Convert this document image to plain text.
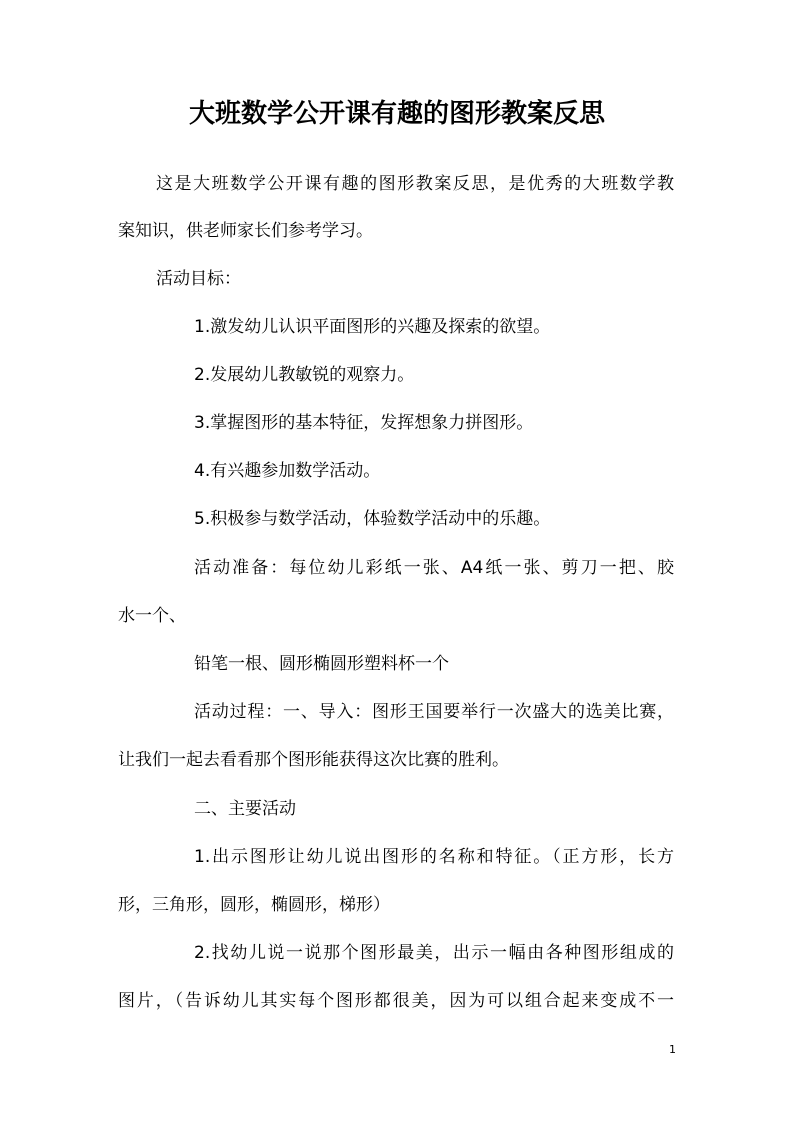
大班数学公开课有趣的图形教案反思
这是大班数学公开课有趣的图形教案反思，是优秀的大班数学教
案知识，供老师家长们参考学习。
活动目标：
1.激发幼儿认识平面图形的兴趣及探索的欲望。
2.发展幼儿教敏锐的观察力。
3.掌握图形的基本特征，发挥想象力拼图形。
4.有兴趣参加数学活动。
5.积极参与数学活动，体验数学活动中的乐趣。
活动准备：每位幼儿彩纸一张、A4纸一张、剪刀一把、胶
水一个、
铅笔一根、圆形椭圆形塑料杯一个
活动过程：一、导入：图形王国要举行一次盛大的选美比赛，
让我们一起去看看那个图形能获得这次比赛的胜利。
二、主要活动
1.出示图形让幼儿说出图形的名称和特征。（正方形，长方
形，三角形，圆形，椭圆形，梯形）
2.找幼儿说一说那个图形最美，出示一幅由各种图形组成的
图片，（告诉幼儿其实每个图形都很美，因为可以组合起来变成不一
1
